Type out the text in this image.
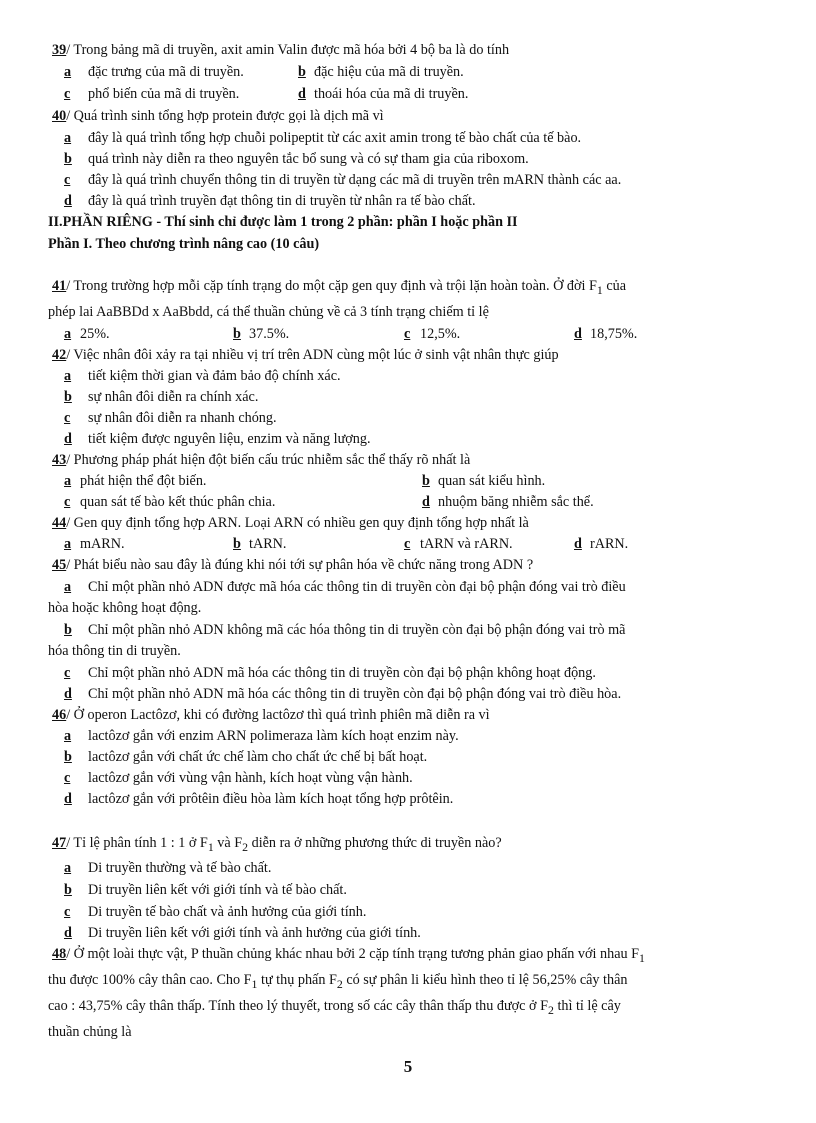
39/ Trong bảng mã di truyền, axit amin Valin được mã hóa bởi 4 bộ ba là do tính
a đặc trưng của mã di truyền.	b đặc hiệu của mã di truyền.
c phổ biến của mã di truyền.	d thoái hóa của mã di truyền.
40/ Quá trình sinh tổng hợp protein được gọi là dịch mã vì
a đây là quá trình tổng hợp chuỗi polipeptit từ các axit amin trong tế bào chất của tế bào.
b quá trình này diễn ra theo nguyên tắc bổ sung và có sự tham gia của riboxom.
c đây là quá trình chuyển thông tin di truyền từ dạng các mã di truyền trên mARN thành các aa.
d đây là quá trình truyền đạt thông tin di truyền từ nhân ra tế bào chất.
II.PHẦN RIÊNG - Thí sinh chỉ được làm 1 trong 2 phần: phần I hoặc phần II
Phần I. Theo chương trình nâng cao (10 câu)
41/ Trong trường hợp mỗi cặp tính trạng do một cặp gen quy định và trội lặn hoàn toàn. Ở đời $F_1$ của
phép lai AaBBDd x AaBbdd, cá thể thuần chủng về cả 3 tính trạng chiếm tỉ lệ
a 25%.	b 37.5%.	c 12,5%.	d 18,75%.
42/ Việc nhân đôi xảy ra tại nhiều vị trí trên ADN cùng một lúc ở sinh vật nhân thực giúp
a tiết kiệm thời gian và đảm bảo độ chính xác.
b sự nhân đôi diễn ra chính xác.
c sự nhân đôi diễn ra nhanh chóng.
d tiết kiệm được nguyên liệu, enzim và năng lượng.
43/ Phương pháp phát hiện đột biến cấu trúc nhiễm sắc thể thấy rõ nhất là
a phát hiện thể đột biến.	b quan sát kiểu hình.
c quan sát tế bào kết thúc phân chia.	d nhuộm băng nhiễm sắc thể.
44/ Gen quy định tổng hợp ARN. Loại ARN có nhiều gen quy định tổng hợp nhất là
a mARN.	b tARN.	c tARN và rARN.	d rARN.
45/ Phát biểu nào sau đây là đúng khi nói tới sự phân hóa về chức năng trong ADN ?
a Chỉ một phần nhỏ ADN được mã hóa các thông tin di truyền còn đại bộ phận đóng vai trò điều
hòa hoặc không hoạt động.
b Chỉ một phần nhỏ ADN không mã các hóa thông tin di truyền còn đại bộ phận đóng vai trò mã
hóa thông tin di truyền.
c Chỉ một phần nhỏ ADN mã hóa các thông tin di truyền còn đại bộ phận không hoạt động.
d Chỉ một phần nhỏ ADN mã hóa các thông tin di truyền còn đại bộ phận đóng vai trò điều hòa.
46/ Ở operon Lactôzơ, khi có đường lactôzơ thì quá trình phiên mã diễn ra vì
a lactôzơ gắn với enzim ARN polimeraza làm kích hoạt enzim này.
b lactôzơ gắn với chất ức chế làm cho chất ức chế bị bất hoạt.
c lactôzơ gắn với vùng vận hành, kích hoạt vùng vận hành.
d lactôzơ gắn với prôtêin điều hòa làm kích hoạt tổng hợp prôtêin.
47/ Tỉ lệ phân tính 1 : 1 ở $F_1$ và $F_2$ diễn ra ở những phương thức di truyền nào?
a Di truyền thường và tế bào chất.
b Di truyền liên kết với giới tính và tế bào chất.
c Di truyền tế bào chất và ảnh hưởng của giới tính.
d Di truyền liên kết với giới tính và ảnh hưởng của giới tính.
48/ Ở một loài thực vật, P thuần chủng khác nhau bởi 2 cặp tính trạng tương phản giao phấn với nhau $F_1$
thu được 100% cây thân cao. Cho $F_1$ tự thụ phấn $F_2$ có sự phân li kiểu hình theo tỉ lệ 56,25% cây thân
cao : 43,75% cây thân thấp. Tính theo lý thuyết, trong số các cây thân thấp thu được ở $F_2$ thì tỉ lệ cây
thuần chủng là
5
